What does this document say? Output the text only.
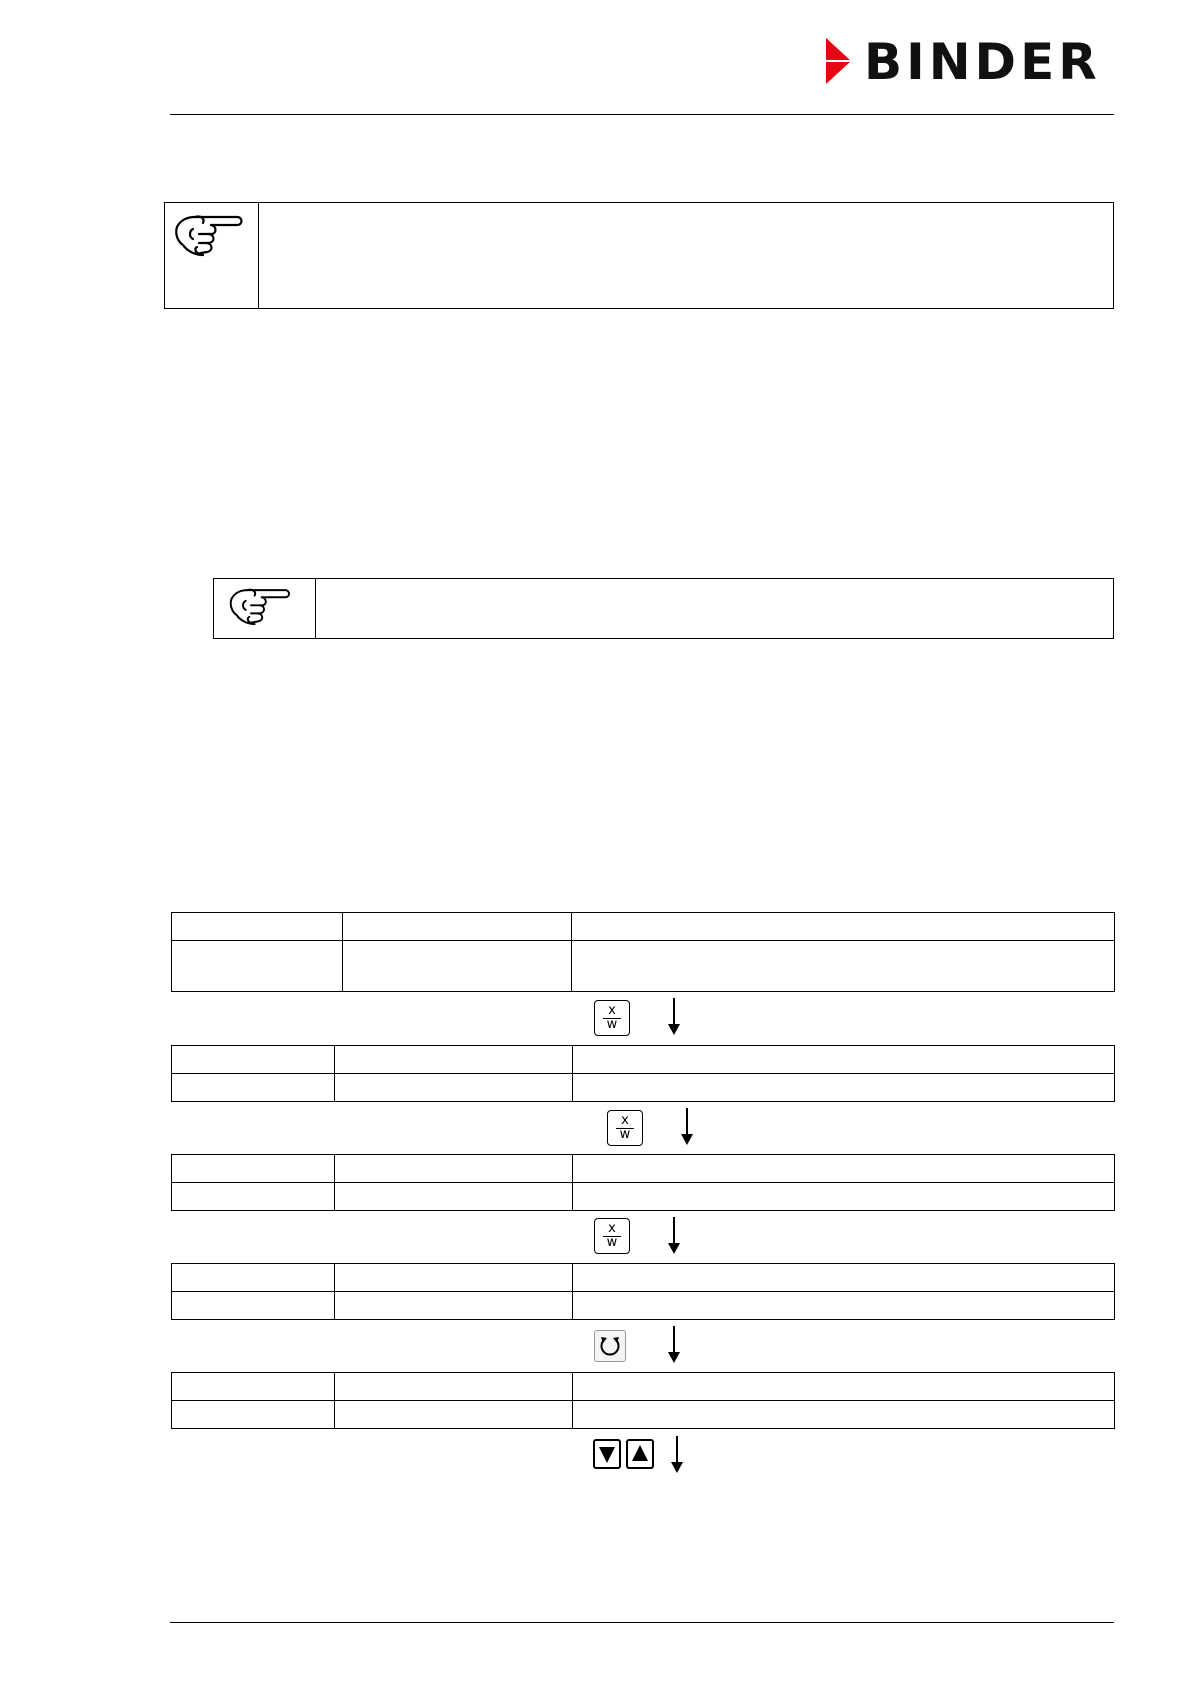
BINDER

x
w

x
w

x
w
